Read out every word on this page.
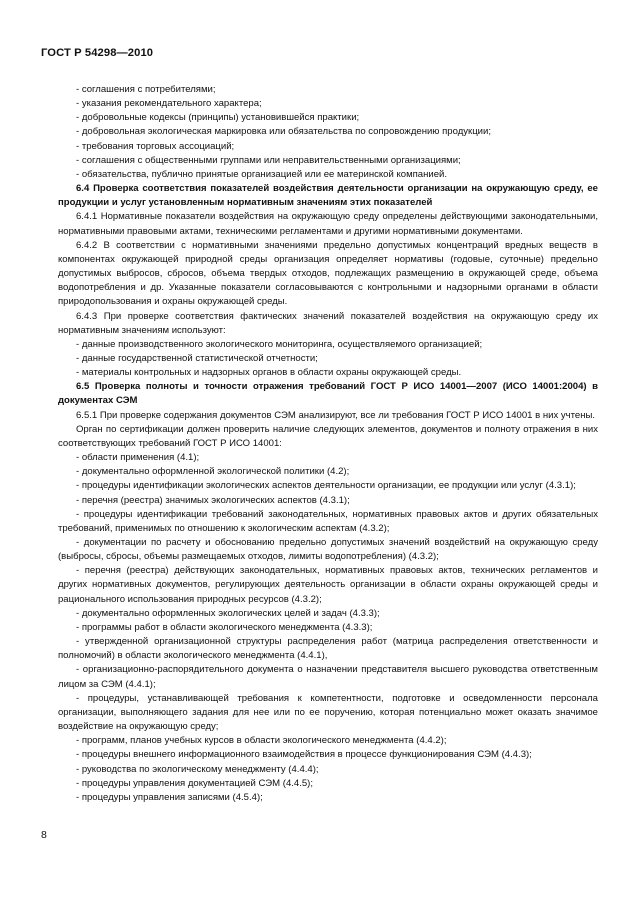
ГОСТ Р 54298—2010

- соглашения с потребителями;

- указания рекомендательного характера;

- добровольные кодексы (принципы) установившейся практики;

- добровольная экологическая маркировка или обязательства по сопровождению продукции;

- требования торговых ассоциаций;

- соглашения с общественными группами или неправительственными организациями;

- обязательства, публично принятые организацией или ее материнской компанией.

6.4 Проверка соответствия показателей воздействия деятельности организации на окружающую среду, ее продукции и услуг установленным нормативным значениям этих показателей

6.4.1 Нормативные показатели воздействия на окружающую среду определены действующими законодательными, нормативными правовыми актами, техническими регламентами и другими нормативными документами.

6.4.2 В соответствии с нормативными значениями предельно допустимых концентраций вредных веществ в компонентах окружающей природной среды организация определяет нормативы (годовые, суточные) предельно допустимых выбросов, сбросов, объема твердых отходов, подлежащих размещению в окружающей среде, объема водопотребления и др. Указанные показатели согласовываются с контрольными и надзорными органами в области природопользования и охраны окружающей среды.

6.4.3 При проверке соответствия фактических значений показателей воздействия на окружающую среду их нормативным значениям используют:

- данные производственного экологического мониторинга, осуществляемого организацией;

- данные государственной статистической отчетности;

- материалы контрольных и надзорных органов в области охраны окружающей среды.

6.5 Проверка полноты и точности отражения требований ГОСТ Р ИСО 14001—2007 (ИСО 14001:2004) в документах СЭМ

6.5.1 При проверке содержания документов СЭМ анализируют, все ли требования ГОСТ Р ИСО 14001 в них учтены.

Орган по сертификации должен проверить наличие следующих элементов, документов и полноту отражения в них соответствующих требований ГОСТ Р ИСО 14001:

- области применения (4.1);

- документально оформленной экологической политики (4.2);

- процедуры идентификации экологических аспектов деятельности организации, ее продукции или услуг (4.3.1);

- перечня (реестра) значимых экологических аспектов (4.3.1);

- процедуры идентификации требований законодательных, нормативных правовых актов и других обязательных требований, применимых по отношению к экологическим аспектам (4.3.2);

- документации по расчету и обоснованию предельно допустимых значений воздействий на окружающую среду (выбросы, сбросы, объемы размещаемых отходов, лимиты водопотребления) (4.3.2);

- перечня (реестра) действующих законодательных, нормативных правовых актов, технических регламентов и других нормативных документов, регулирующих деятельность организации в области охраны окружающей среды и рационального использования природных ресурсов (4.3.2);

- документально оформленных экологических целей и задач (4.3.3);

- программы работ в области экологического менеджмента (4.3.3);

- утвержденной организационной структуры распределения работ (матрица распределения ответственности и полномочий) в области экологического менеджмента (4.4.1),

- организационно-распорядительного документа о назначении представителя высшего руководства ответственным лицом за СЭМ (4.4.1);

- процедуры, устанавливающей требования к компетентности, подготовке и осведомленности персонала организации, выполняющего задания для нее или по ее поручению, которая потенциально может оказать значимое воздействие на окружающую среду;

- программ, планов учебных курсов в области экологического менеджмента (4.4.2);

- процедуры внешнего информационного взаимодействия в процессе функционирования СЭМ (4.4.3);

- руководства по экологическому менеджменту (4.4.4);

- процедуры управления документацией СЭМ (4.4.5);

- процедуры управления записями (4.5.4);

8
